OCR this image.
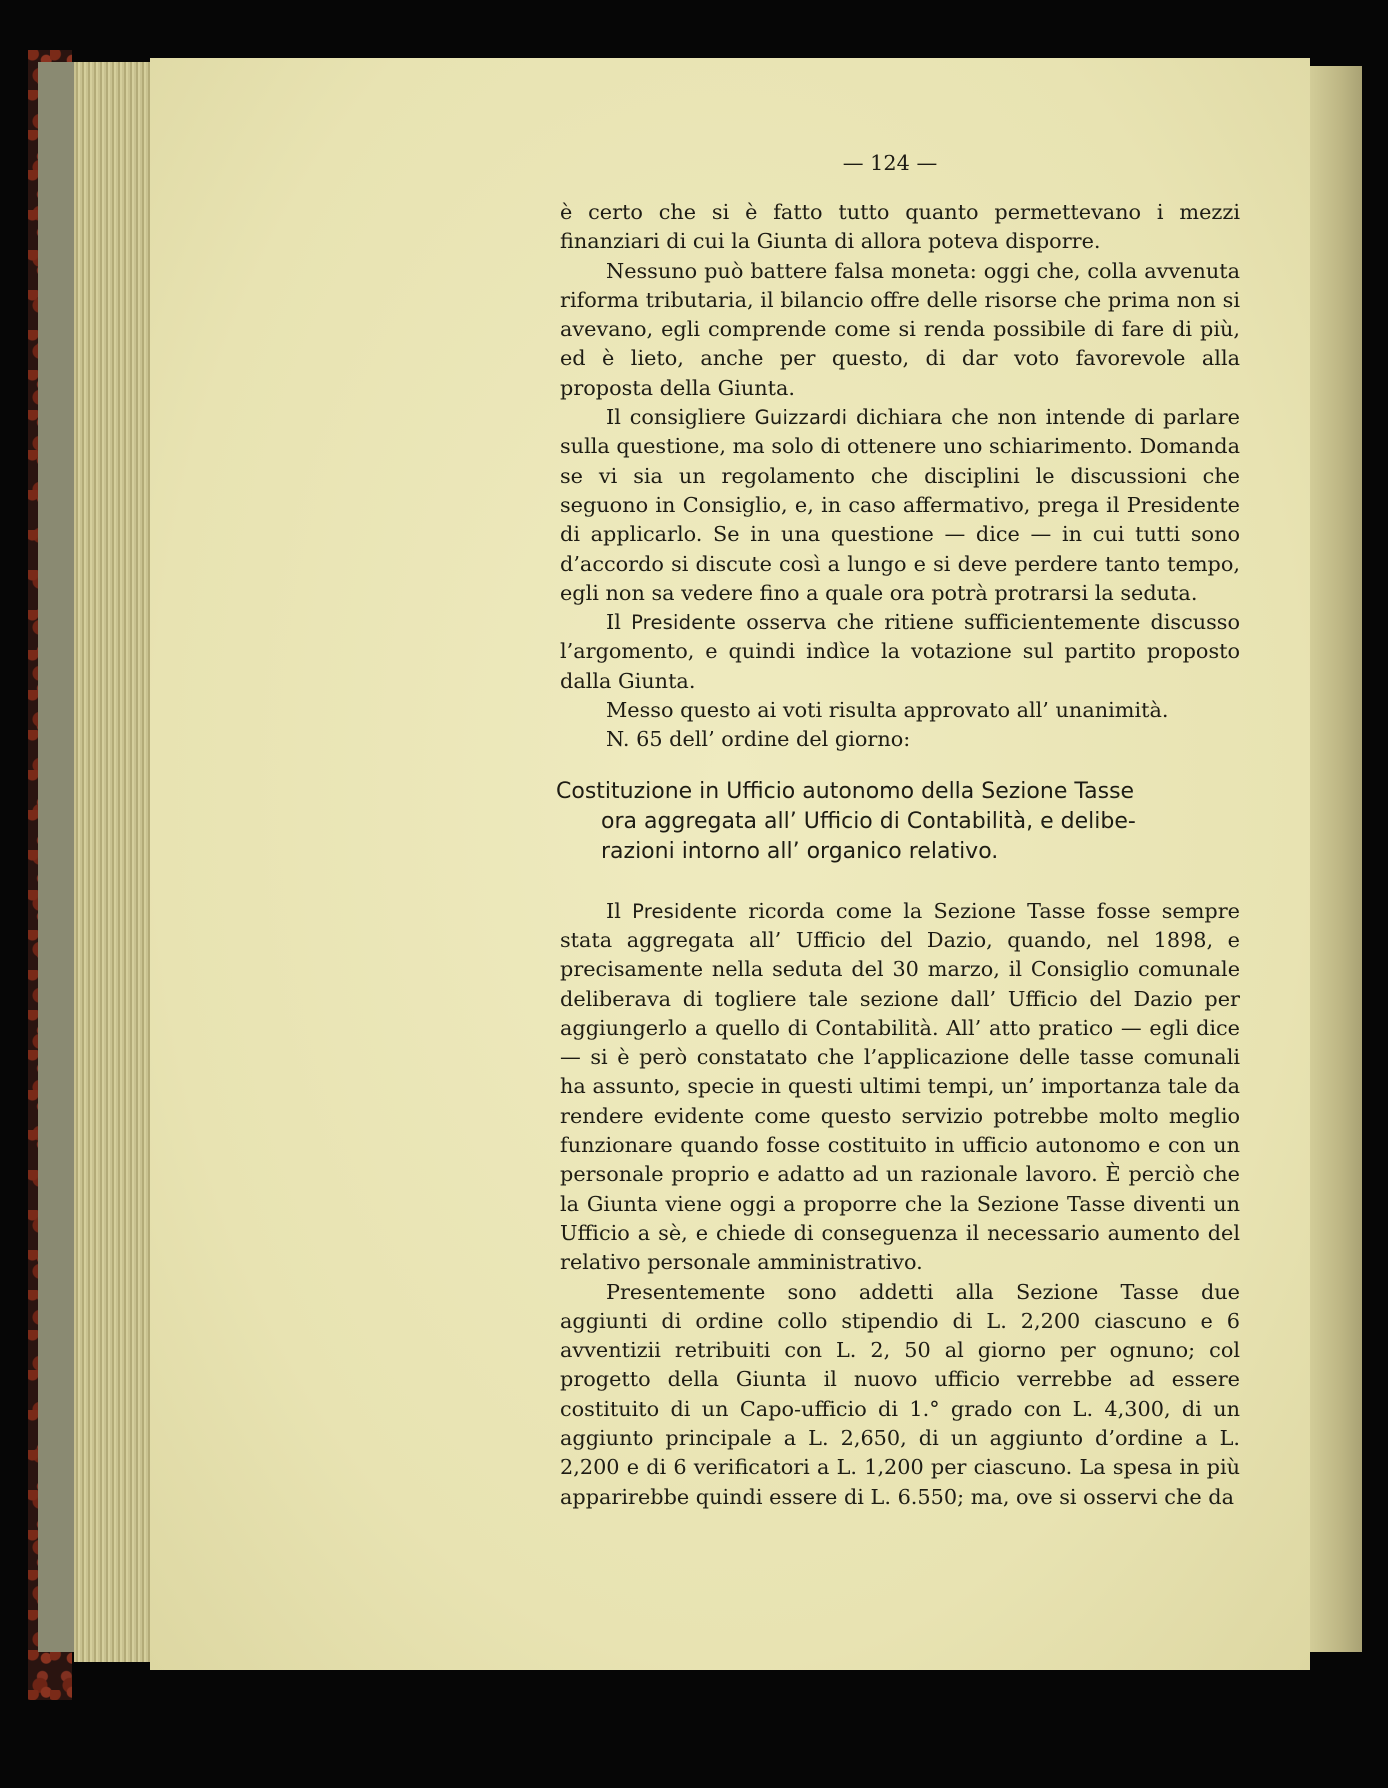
— 124 —

è certo che si è fatto tutto quanto permettevano i mezzi finanziari di cui la Giunta di allora poteva disporre.

Nessuno può battere falsa moneta: oggi che, colla avvenuta riforma tributaria, il bilancio offre delle risorse che prima non si avevano, egli comprende come si renda possibile di fare di più, ed è lieto, anche per questo, di dar voto favorevole alla proposta della Giunta.

Il consigliere Guizzardi dichiara che non intende di parlare sulla questione, ma solo di ottenere uno schiarimento. Domanda se vi sia un regolamento che disciplini le discussioni che seguono in Consiglio, e, in caso affermativo, prega il Presidente di applicarlo. Se in una questione — dice — in cui tutti sono d’accordo si discute così a lungo e si deve perdere tanto tempo, egli non sa vedere fino a quale ora potrà protrarsi la seduta.

Il Presidente osserva che ritiene sufficientemente discusso l’argomento, e quindi indìce la votazione sul partito proposto dalla Giunta.

Messo questo ai voti risulta approvato all’ unanimità.

N. 65 dell’ ordine del giorno:

Costituzione in Ufficio autonomo della Sezione Tasse
ora aggregata all’ Ufficio di Contabilità, e delibe-
razioni intorno all’ organico relativo.

Il Presidente ricorda come la Sezione Tasse fosse sempre stata aggregata all’ Ufficio del Dazio, quando, nel 1898, e precisamente nella seduta del 30 marzo, il Consiglio comunale deliberava di togliere tale sezione dall’ Ufficio del Dazio per aggiungerlo a quello di Contabilità. All’ atto pratico — egli dice — si è però constatato che l’applicazione delle tasse comunali ha assunto, specie in questi ultimi tempi, un’ importanza tale da rendere evidente come questo servizio potrebbe molto meglio funzionare quando fosse costituito in ufficio autonomo e con un personale proprio e adatto ad un razionale lavoro. È perciò che la Giunta viene oggi a proporre che la Sezione Tasse diventi un Ufficio a sè, e chiede di conseguenza il necessario aumento del relativo personale amministrativo.

Presentemente sono addetti alla Sezione Tasse due aggiunti di ordine collo stipendio di L. 2,200 ciascuno e 6 avventizii retribuiti con L. 2, 50 al giorno per ognuno; col progetto della Giunta il nuovo ufficio verrebbe ad essere costituito di un Capo-ufficio di 1.° grado con L. 4,300, di un aggiunto principale a L. 2,650, di un aggiunto d’ordine a L. 2,200 e di 6 verificatori a L. 1,200 per ciascuno. La spesa in più apparirebbe quindi essere di L. 6.550; ma, ove si osservi che da
